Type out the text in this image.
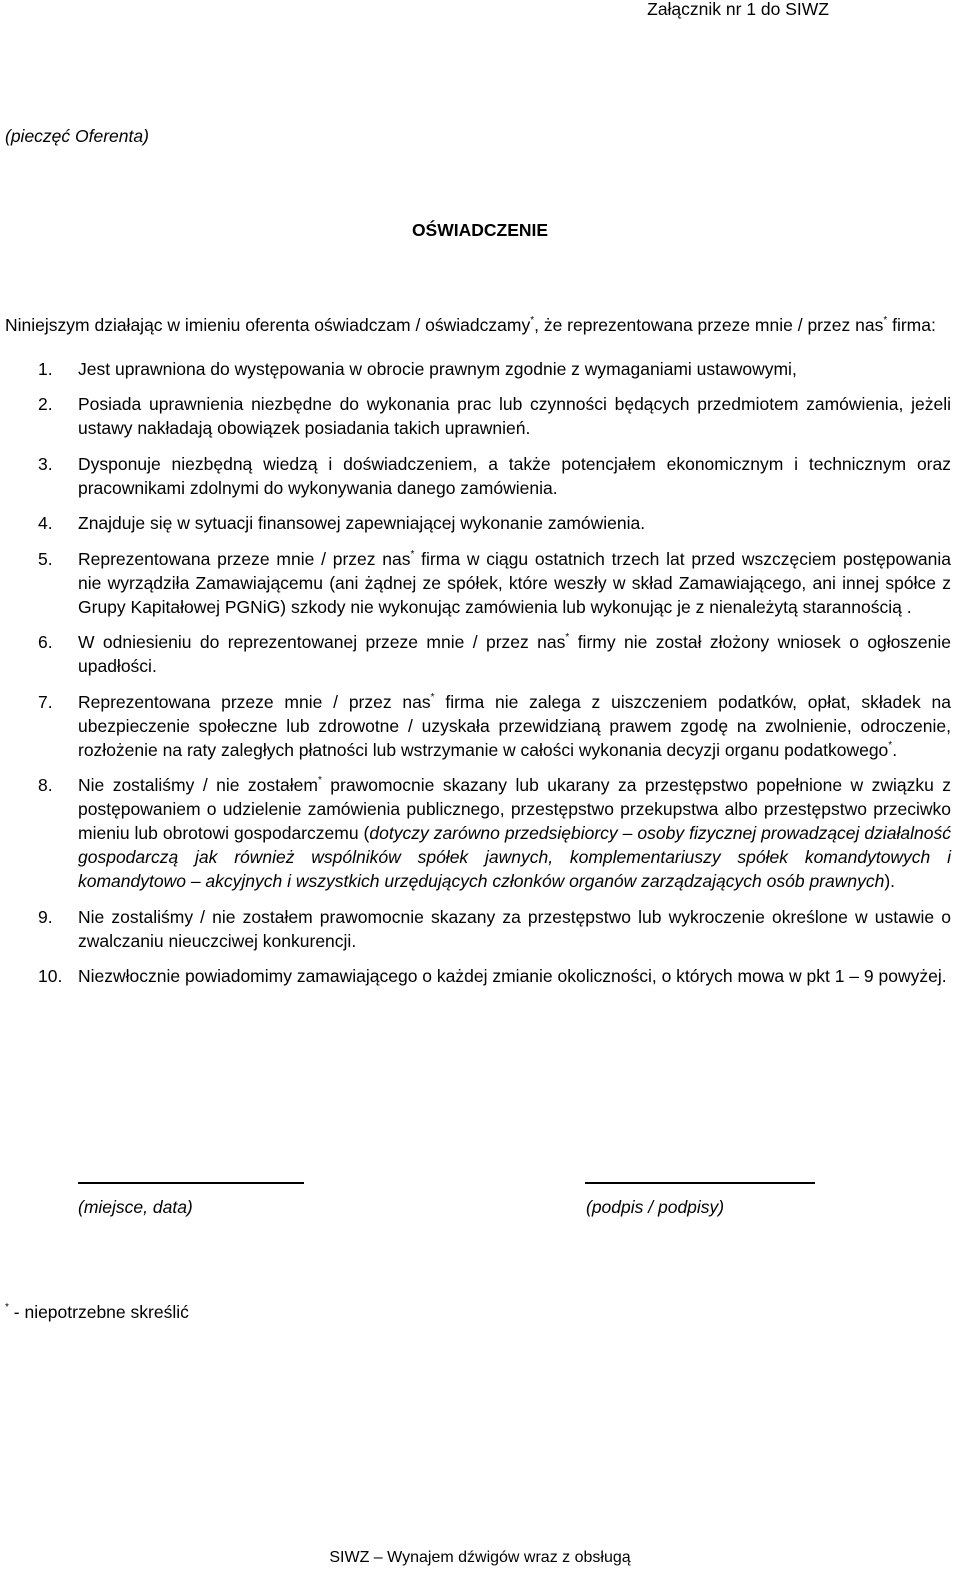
Załącznik nr 1 do SIWZ
(pieczęć Oferenta)
OŚWIADCZENIE
Niniejszym działając w imieniu oferenta oświadczam / oświadczamy*, że reprezentowana przeze mnie / przez nas* firma:
1.	Jest uprawniona do występowania w obrocie prawnym zgodnie z wymaganiami ustawowymi,
2.	Posiada uprawnienia niezbędne do wykonania prac lub czynności będących przedmiotem zamówienia, jeżeli ustawy nakładają obowiązek posiadania takich uprawnień.
3.	Dysponuje niezbędną wiedzą i doświadczeniem, a także potencjałem ekonomicznym i technicznym oraz pracownikami zdolnymi do wykonywania danego zamówienia.
4.	Znajduje się w sytuacji finansowej zapewniającej wykonanie zamówienia.
5.	Reprezentowana przeze mnie / przez nas* firma w ciągu ostatnich trzech lat przed wszczęciem postępowania nie wyrządziła Zamawiającemu (ani żądnej ze spółek, które weszły w skład Zamawiającego, ani innej spółce z Grupy Kapitałowej PGNiG) szkody nie wykonując zamówienia lub wykonując je z nienależytą starannością .
6.	W odniesieniu do reprezentowanej przeze mnie / przez nas* firmy nie został złożony wniosek o ogłoszenie upadłości.
7.	Reprezentowana przeze mnie / przez nas* firma nie zalega z uiszczeniem podatków, opłat, składek na ubezpieczenie społeczne lub zdrowotne / uzyskała przewidzianą prawem zgodę na zwolnienie, odroczenie, rozłożenie na raty zaległych płatności lub wstrzymanie w całości wykonania decyzji organu podatkowego*.
8.	Nie zostaliśmy / nie zostałem* prawomocnie skazany lub ukarany za przestępstwo popełnione w związku z postępowaniem o udzielenie zamówienia publicznego, przestępstwo przekupstwa albo przestępstwo przeciwko mieniu lub obrotowi gospodarczemu (dotyczy zarówno przedsiębiorcy – osoby fizycznej prowadzącej działalność gospodarczą jak również wspólników spółek jawnych, komplementariuszy spółek komandytowych i komandytowo – akcyjnych i wszystkich urzędujących członków organów zarządzających osób prawnych).
9.	Nie zostaliśmy / nie zostałem prawomocnie skazany za przestępstwo lub wykroczenie określone w ustawie o zwalczaniu nieuczciwej konkurencji.
10. Niezwłocznie powiadomimy zamawiającego o każdej zmianie okoliczności, o których mowa w pkt 1 – 9 powyżej.
(miejsce, data)	(podpis / podpisy)
* - niepotrzebne skreślić
SIWZ – Wynajem dźwigów wraz z obsługą
